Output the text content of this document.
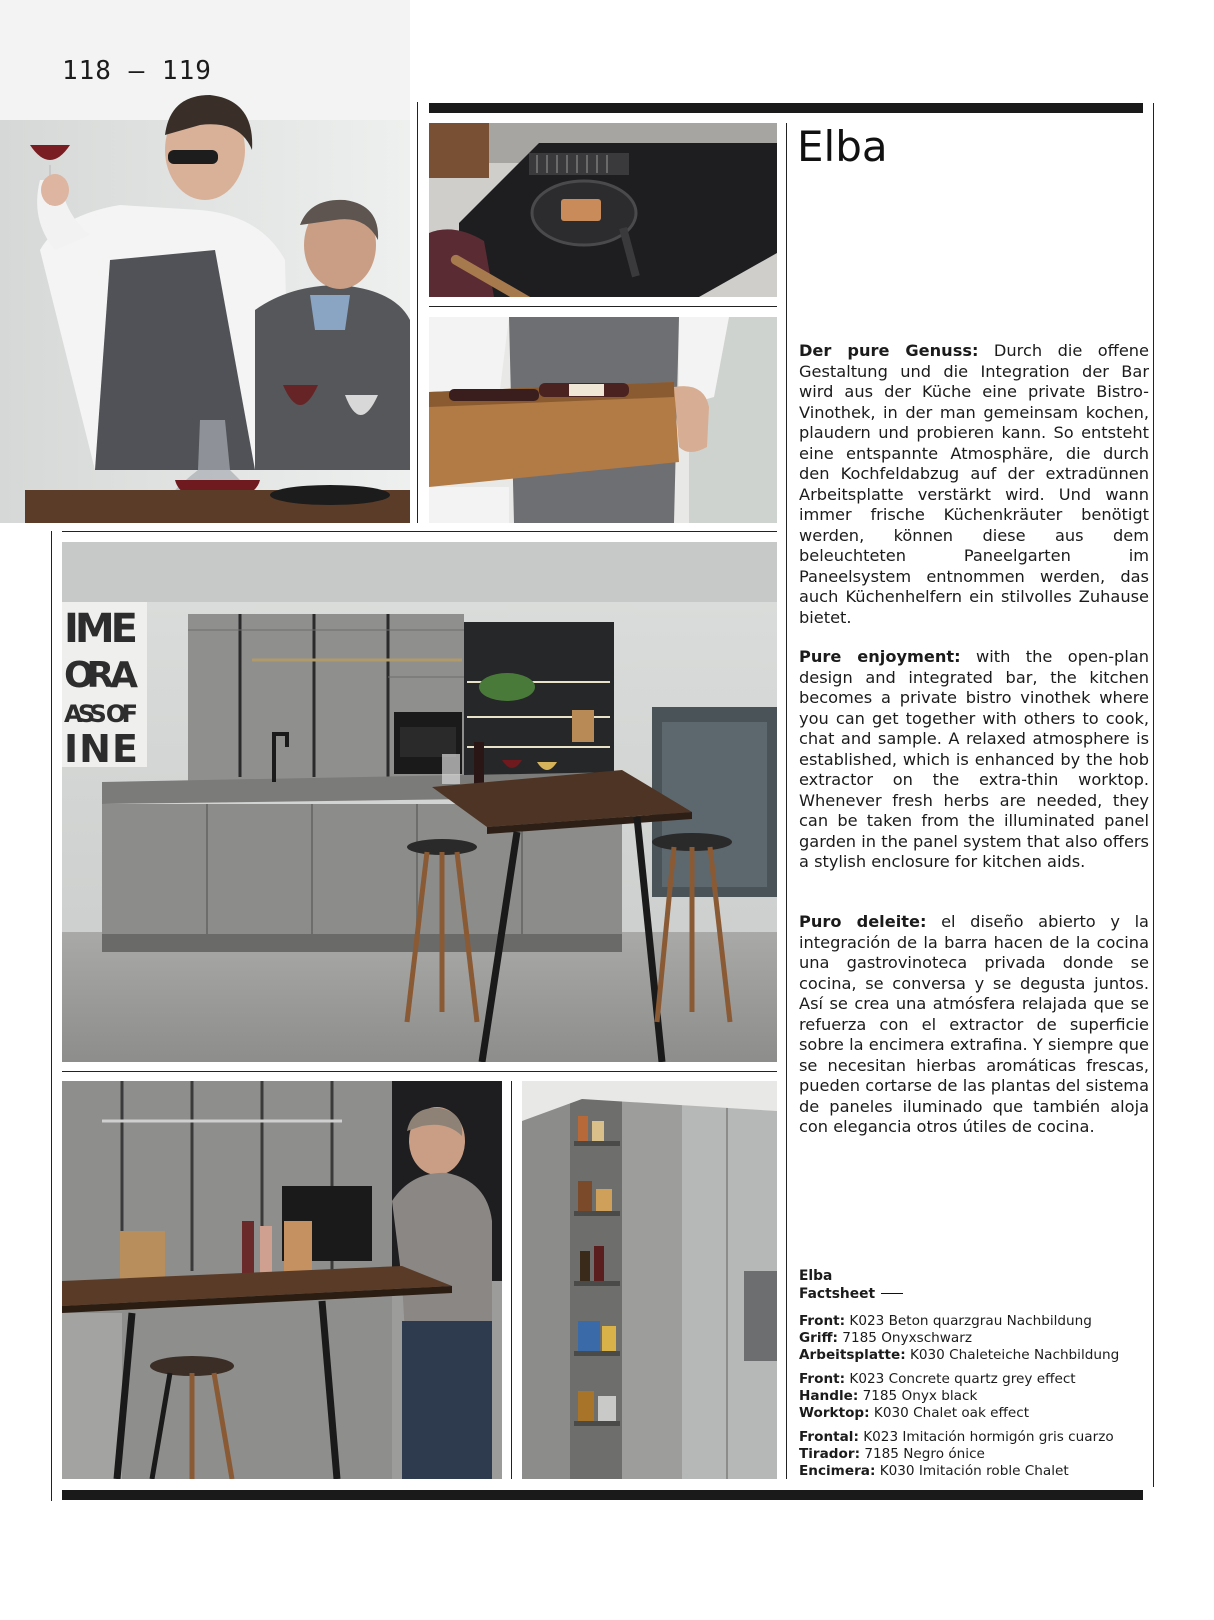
IME
OR A
ASS OF
INE
118 — 119
Elba

Der pure Genuss: Durch die offene Gestaltung und die Integration der Bar wird aus der Küche eine private Bistro-Vinothek, in der man gemeinsam kochen, plaudern und probieren kann. So entsteht eine entspannte Atmosphäre, die durch den Kochfeldabzug auf der extradünnen Arbeitsplatte verstärkt wird. Und wann immer frische Küchenkräuter benötigt werden, können diese aus dem beleuchteten Paneelgarten im Paneelsystem entnommen werden, das auch Küchenhelfern ein stilvolles Zuhause bietet.

Pure enjoyment: with the open-plan design and integrated bar, the kitchen becomes a private bistro vinothek where you can get together with others to cook, chat and sample. A relaxed atmosphere is established, which is enhanced by the hob extractor on the extra-thin worktop. Whenever fresh herbs are needed, they can be taken from the illuminated panel garden in the panel system that also offers a stylish enclosure for kitchen aids.

Puro deleite: el diseño abierto y la integración de la barra hacen de la cocina una gastrovinoteca privada donde se cocina, se conversa y se degusta juntos. Así se crea una atmósfera relajada que se refuerza con el extractor de superficie sobre la encimera extrafina. Y siempre que se necesitan hierbas aromáticas frescas, pueden cortarse de las plantas del sistema de paneles iluminado que también aloja con elegancia otros útiles de cocina.

Elba
Factsheet
Front: K023 Beton quarzgrau Nachbildung
Griff: 7185 Onyxschwarz
Arbeitsplatte: K030 Chaleteiche Nachbildung
Front: K023 Concrete quartz grey effect
Handle: 7185 Onyx black
Worktop: K030 Chalet oak effect
Frontal: K023 Imitación hormigón gris cuarzo
Tirador: 7185 Negro ónice
Encimera: K030 Imitación roble Chalet
